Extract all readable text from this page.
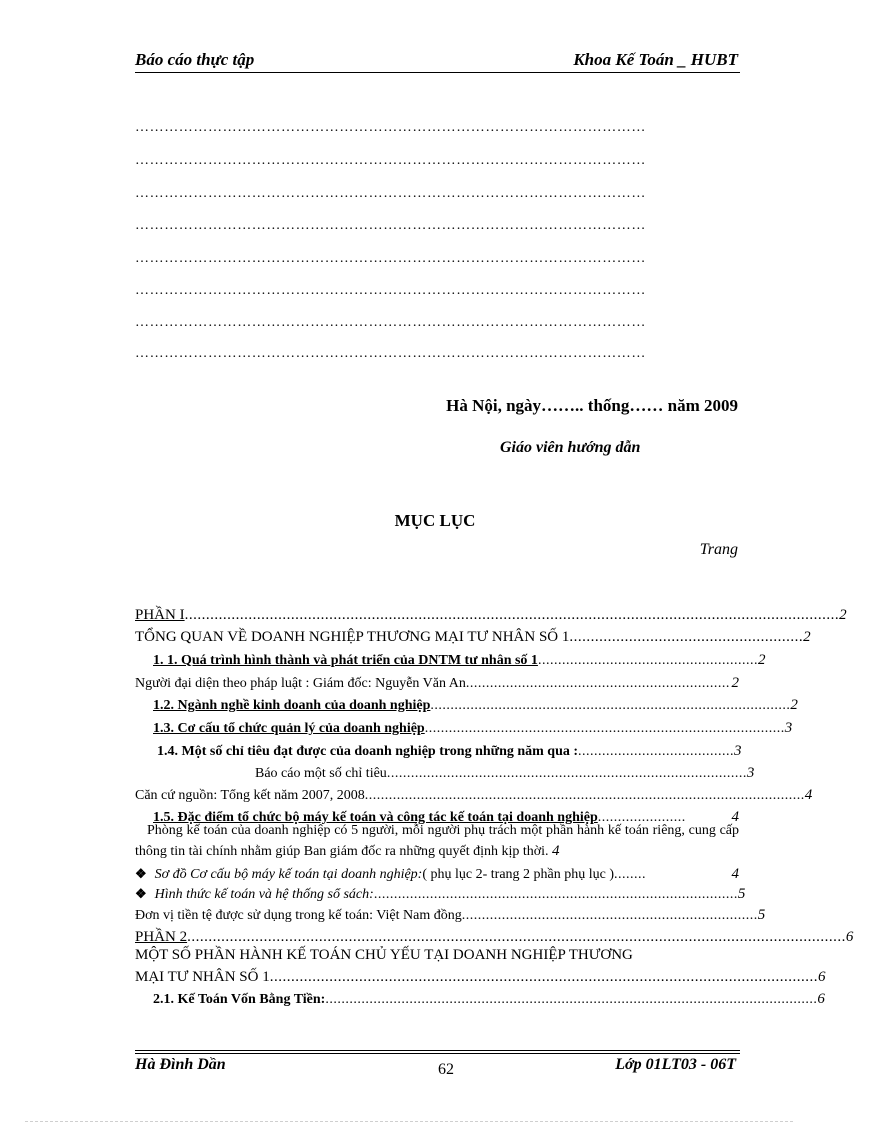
Báo cáo thực tập	Khoa Kế Toán _ HUBT
……………………………………………………………………………………………
……………………………………………………………………………………………
……………………………………………………………………………………………
……………………………………………………………………………………………
……………………………………………………………………………………………
……………………………………………………………………………………………
……………………………………………………………………………………………
……………………………………………………………………………………………
Hà Nội, ngày…….. thống…… năm 2009
Giáo viên hướng dẫn
MỤC LỤC
Trang
PHẦN I .......................................................................................................................................................... 2
TỔNG QUAN VỀ DOANH NGHIỆP THƯƠNG MẠI TƯ NHÂN SỐ 1 ....................................................... 2
1. 1. Quá trình hình thành và phát triển của DNTM tư nhân số 1 ....................................................... 2
Người đại diện theo pháp luật : Giám đốc: Nguyễn Văn An .................................................................. 2
1.2. Ngành nghề kinh doanh của doanh nghiệp .......................................................................................... 2
1.3. Cơ cấu tổ chức quản lý của doanh nghiệp .......................................................................................... 3
1.4. Một số chỉ tiêu đạt được của doanh nghiệp trong những năm qua : ....................................... 3
Báo cáo một số chỉ tiêu .......................................................................................... 3
Căn cứ nguồn: Tổng kết năm 2007, 2008 .............................................................................................................. 4
1.5. Đặc điểm tổ chức bộ máy kế toán và công tác kế toán tại doanh nghiệp ......................	4
Phòng kế toán của doanh nghiệp có 5 người, mỗi người phụ trách một phần hành kế toán riêng, cung cấp thông tin tài chính nhằm giúp Ban giám đốc ra những quyết định kịp thời. 4
❖ Sơ đồ Cơ cấu bộ máy kế toán tại doanh nghiệp: ( phụ lục 2- trang 2 phần phụ lục ) ........	4
❖ Hình thức kế toán và hệ thống sổ sách: ........................................................................................... 5
Đơn vị tiền tệ được sử dụng trong kế toán: Việt Nam đồng .......................................................................... 5
PHẦN 2 ........................................................................................................................................................... 6
MỘT SỐ PHẦN HÀNH KẾ TOÁN CHỦ YẾU TẠI DOANH NGHIỆP THƯƠNG
MẠI TƯ NHÂN SỐ 1 ................................................................................................................................. 6
2.1. Kế Toán Vốn Bằng Tiền: ........................................................................................................................... 6
Hà Đình Dần	62	Lớp 01LT03 - 06T
